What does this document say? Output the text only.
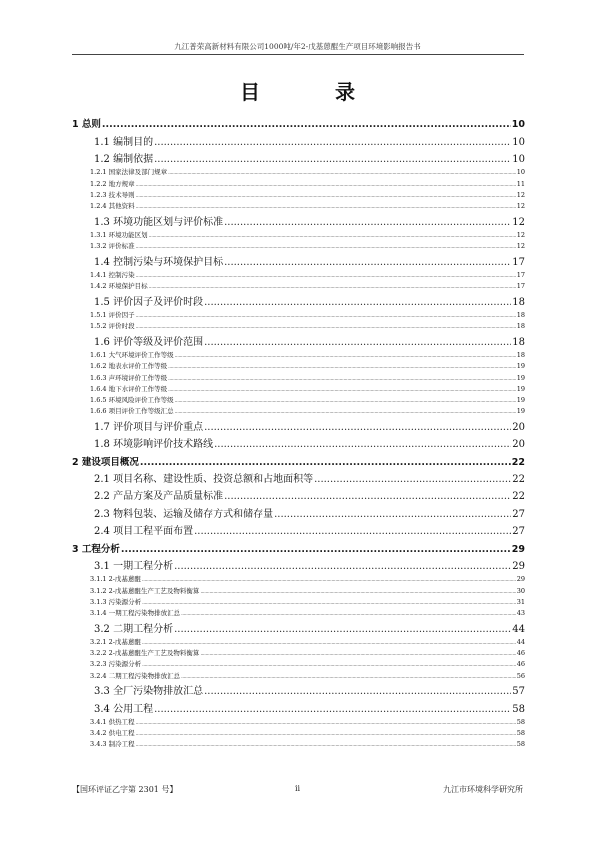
九江普荣高新材料有限公司1000吨/年2-戊基蒽醌生产项目环境影响报告书
目 录
1 总则 .....	10
1.1 编制目的 .....	10
1.2 编制依据 .....	10
1.2.1 国家法律及部门规章 .....	10
1.2.2 地方规章 .....	11
1.2.3 技术导则 .....	12
1.2.4 其他资料 .....	12
1.3 环境功能区划与评价标准 .....	12
1.3.1 环境功能区划 .....	12
1.3.2 评价标准 .....	12
1.4 控制污染与环境保护目标 .....	17
1.4.1 控制污染 .....	17
1.4.2 环境保护目标 .....	17
1.5 评价因子及评价时段 .....	18
1.5.1 评价因子 .....	18
1.5.2 评价时段 .....	18
1.6 评价等级及评价范围 .....	18
1.6.1 大气环境评价工作等级 .....	18
1.6.2 地表水评价工作等级 .....	19
1.6.3 声环境评价工作等级 .....	19
1.6.4 地下水评价工作等级 .....	19
1.6.5 环境风险评价工作等级 .....	19
1.6.6 项目评价工作等级汇总 .....	19
1.7 评价项目与评价重点 .....	20
1.8 环境影响评价技术路线 .....	20
2 建设项目概况 .....	22
2.1 项目名称、建设性质、投资总额和占地面积等 .....	22
2.2 产品方案及产品质量标准 .....	22
2.3 物料包装、运输及储存方式和储存量 .....	27
2.4 项目工程平面布置 .....	27
3 工程分析 .....	29
3.1 一期工程分析 .....	29
3.1.1 2-戊基蒽醌 .....	29
3.1.2 2-戊基蒽醌生产工艺及物料衡算 .....	30
3.1.3 污染源分析 .....	31
3.1.4 一期工程污染物排放汇总 .....	43
3.2 二期工程分析 .....	44
3.2.1 2-戊基蒽醌 .....	44
3.2.2 2-戊基蒽醌生产工艺及物料衡算 .....	46
3.2.3 污染源分析 .....	46
3.2.4 二期工程污染物排放汇总 .....	56
3.3 全厂污染物排放汇总 .....	57
3.4 公用工程 .....	58
3.4.1 供热工程 .....	58
3.4.2 供电工程 .....	58
3.4.3 制冷工程 .....	58
【国环评证乙字第 2301 号】	ii	九江市环境科学研究所
